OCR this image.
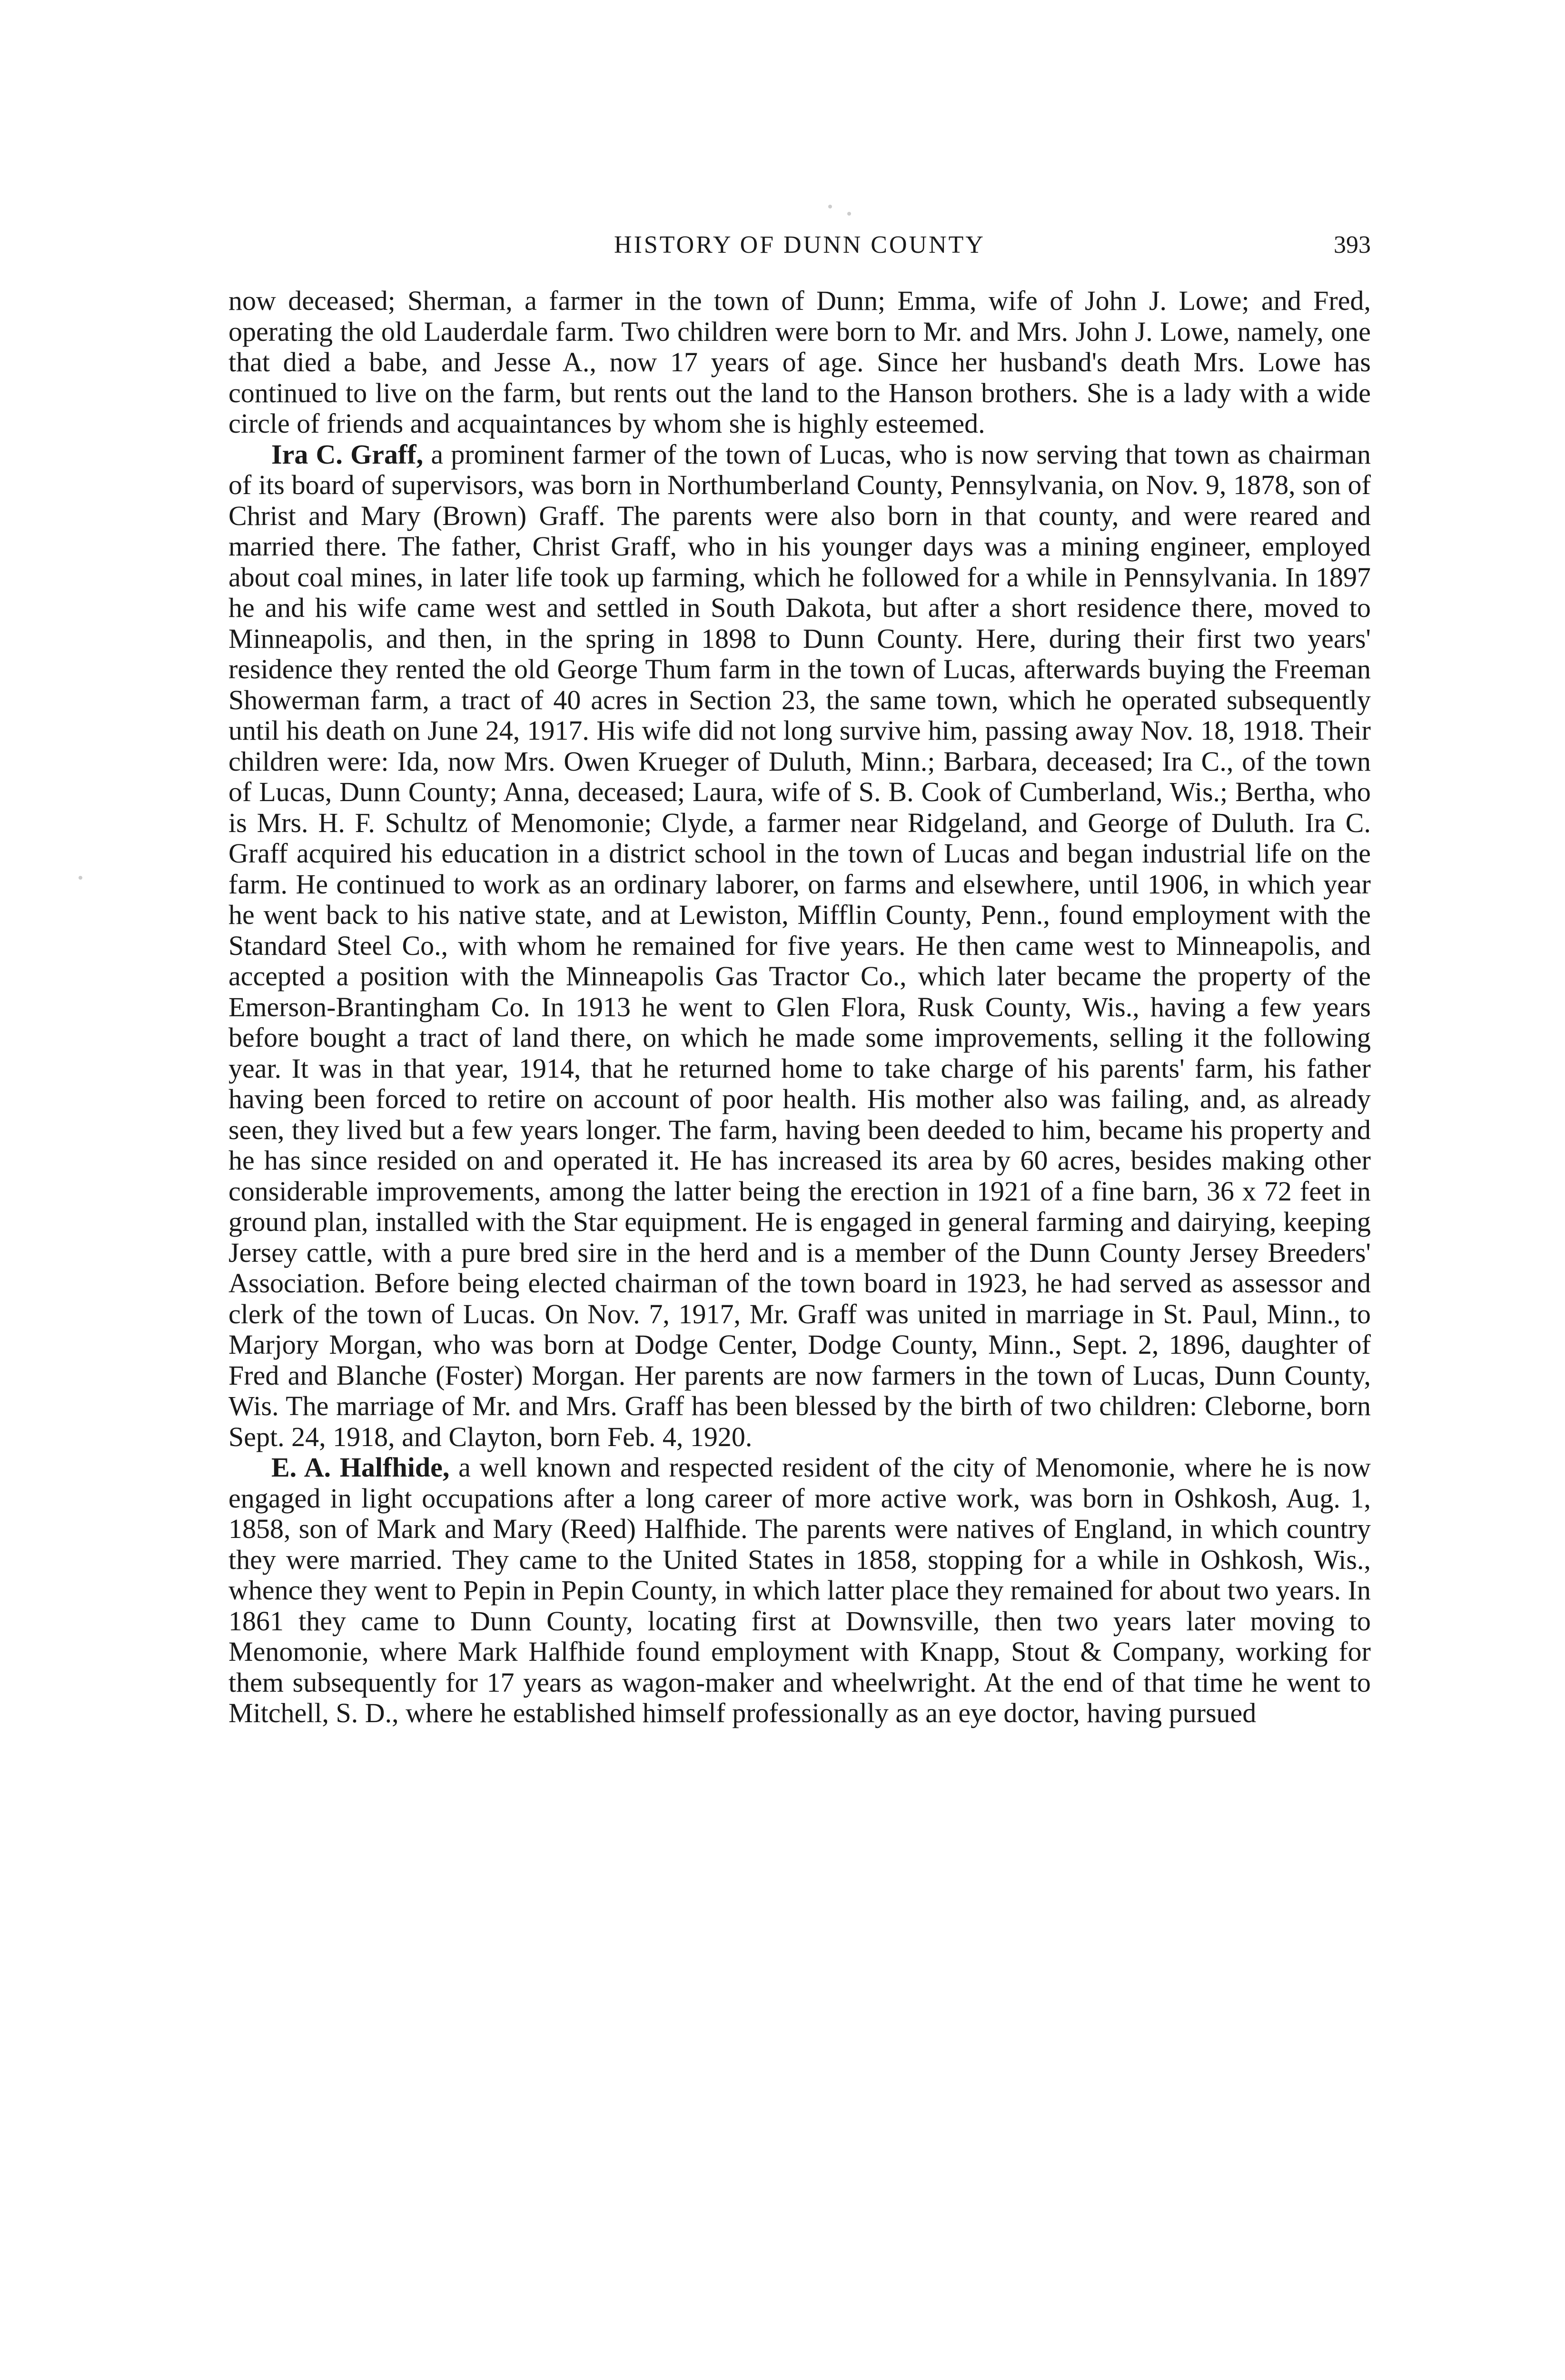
HISTORY OF DUNN COUNTY	393

now deceased; Sherman, a farmer in the town of Dunn; Emma, wife of John J. Lowe; and Fred, operating the old Lauderdale farm. Two children were born to Mr. and Mrs. John J. Lowe, namely, one that died a babe, and Jesse A., now 17 years of age. Since her husband's death Mrs. Lowe has continued to live on the farm, but rents out the land to the Hanson brothers. She is a lady with a wide circle of friends and acquaintances by whom she is highly esteemed.

Ira C. Graff, a prominent farmer of the town of Lucas, who is now serving that town as chairman of its board of supervisors, was born in Northumberland County, Pennsylvania, on Nov. 9, 1878, son of Christ and Mary (Brown) Graff. The parents were also born in that county, and were reared and married there. The father, Christ Graff, who in his younger days was a mining engineer, employed about coal mines, in later life took up farming, which he followed for a while in Pennsylvania. In 1897 he and his wife came west and settled in South Dakota, but after a short residence there, moved to Minneapolis, and then, in the spring in 1898 to Dunn County. Here, during their first two years' residence they rented the old George Thum farm in the town of Lucas, afterwards buying the Freeman Showerman farm, a tract of 40 acres in Section 23, the same town, which he operated subsequently until his death on June 24, 1917. His wife did not long survive him, passing away Nov. 18, 1918. Their children were: Ida, now Mrs. Owen Krueger of Duluth, Minn.; Barbara, deceased; Ira C., of the town of Lucas, Dunn County; Anna, deceased; Laura, wife of S. B. Cook of Cumberland, Wis.; Bertha, who is Mrs. H. F. Schultz of Menomonie; Clyde, a farmer near Ridgeland, and George of Duluth. Ira C. Graff acquired his education in a district school in the town of Lucas and began industrial life on the farm. He continued to work as an ordinary laborer, on farms and elsewhere, until 1906, in which year he went back to his native state, and at Lewiston, Mifflin County, Penn., found employment with the Standard Steel Co., with whom he remained for five years. He then came west to Minneapolis, and accepted a position with the Minneapolis Gas Tractor Co., which later became the property of the Emerson-Brantingham Co. In 1913 he went to Glen Flora, Rusk County, Wis., having a few years before bought a tract of land there, on which he made some improvements, selling it the following year. It was in that year, 1914, that he returned home to take charge of his parents' farm, his father having been forced to retire on account of poor health. His mother also was failing, and, as already seen, they lived but a few years longer. The farm, having been deeded to him, became his property and he has since resided on and operated it. He has increased its area by 60 acres, besides making other considerable improvements, among the latter being the erection in 1921 of a fine barn, 36 x 72 feet in ground plan, installed with the Star equipment. He is engaged in general farming and dairying, keeping Jersey cattle, with a pure bred sire in the herd and is a member of the Dunn County Jersey Breeders' Association. Before being elected chairman of the town board in 1923, he had served as assessor and clerk of the town of Lucas. On Nov. 7, 1917, Mr. Graff was united in marriage in St. Paul, Minn., to Marjory Morgan, who was born at Dodge Center, Dodge County, Minn., Sept. 2, 1896, daughter of Fred and Blanche (Foster) Morgan. Her parents are now farmers in the town of Lucas, Dunn County, Wis. The marriage of Mr. and Mrs. Graff has been blessed by the birth of two children: Cleborne, born Sept. 24, 1918, and Clayton, born Feb. 4, 1920.

E. A. Halfhide, a well known and respected resident of the city of Menomonie, where he is now engaged in light occupations after a long career of more active work, was born in Oshkosh, Aug. 1, 1858, son of Mark and Mary (Reed) Halfhide. The parents were natives of England, in which country they were married. They came to the United States in 1858, stopping for a while in Oshkosh, Wis., whence they went to Pepin in Pepin County, in which latter place they remained for about two years. In 1861 they came to Dunn County, locating first at Downsville, then two years later moving to Menomonie, where Mark Halfhide found employment with Knapp, Stout & Company, working for them subsequently for 17 years as wagon-maker and wheelwright. At the end of that time he went to Mitchell, S. D., where he established himself professionally as an eye doctor, having pursued
